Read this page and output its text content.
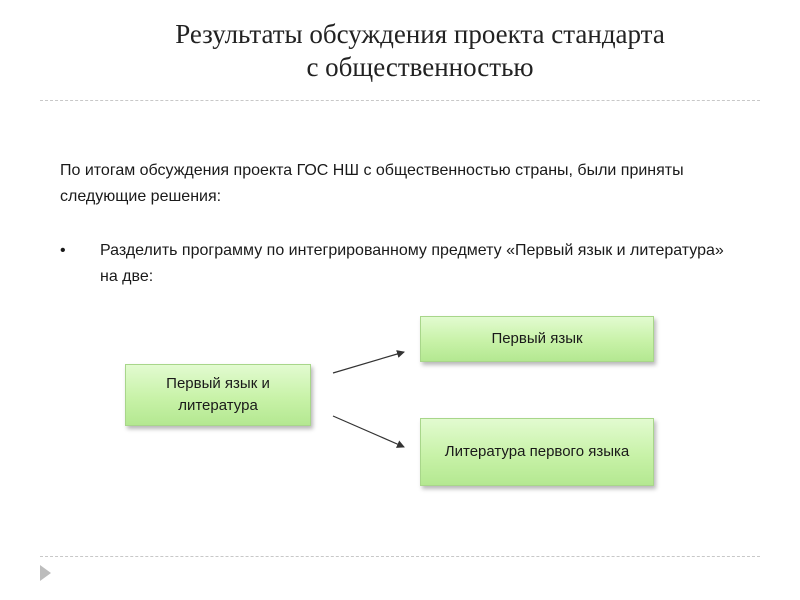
Результаты обсуждения проекта стандарта
с общественностью
По итогам обсуждения проекта ГОС НШ с общественностью страны, были приняты следующие решения:
•	Разделить программу по интегрированному предмету «Первый язык и литература» на две:
Первый язык и литература
Первый язык
Литература первого языка
